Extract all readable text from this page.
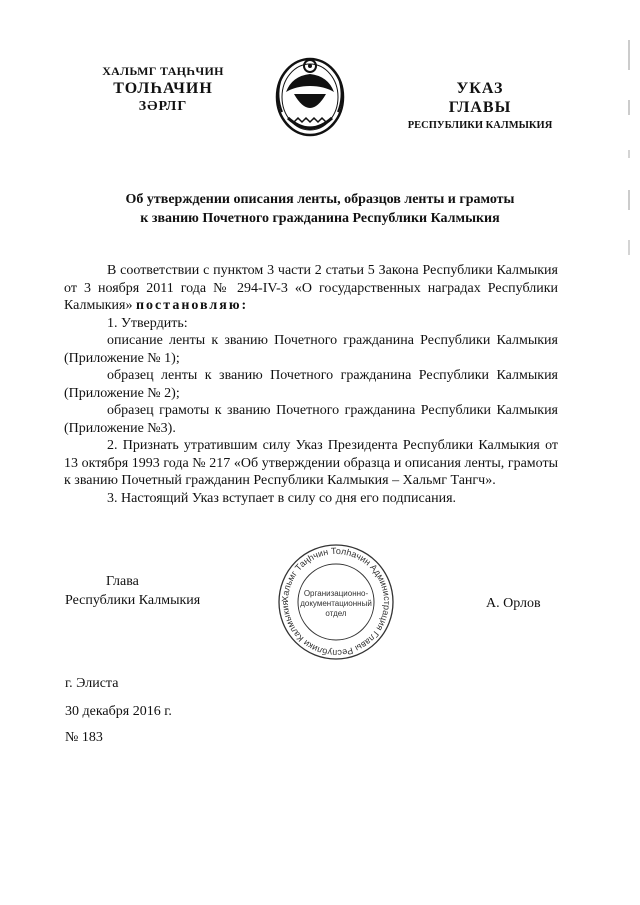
ХАЛЬМГ ТАҢҺЧИН
ТОЛҺАЧИН
ЗӘРЛГ
УКАЗ
ГЛАВЫ
РЕСПУБЛИКИ КАЛМЫКИЯ
Об утверждении описания ленты, образцов ленты и грамоты
к званию Почетного гражданина Республики Калмыкия

В соответствии с пунктом 3 части 2 статьи 5 Закона Республики Калмыкия от 3 ноября 2011 года № 294-IV-3 «О государственных наградах Республики Калмыкия» постановляю:

1. Утвердить:

описание ленты к званию Почетного гражданина Республики Калмыкия (Приложение № 1);

образец ленты к званию Почетного гражданина Республики Калмыкия (Приложение № 2);

образец грамоты к званию Почетного гражданина Республики Калмыкия (Приложение №3).

2. Признать утратившим силу Указ Президента Республики Калмыкия от 13 октября 1993 года № 217 «Об утверждении образца и описания ленты, грамоты к званию Почетный гражданин Республики Калмыкия – Хальмг Тангч».

3. Настоящий Указ вступает в силу со дня его подписания.

Глава
Республики Калмыкия	Хальмг Таңһчин Толһачин Администрация Главы Республики Калмыкия
Организационно-
документационный
отдел
А. Орлов
г. Элиста
30 декабря 2016 г.
№ 183
